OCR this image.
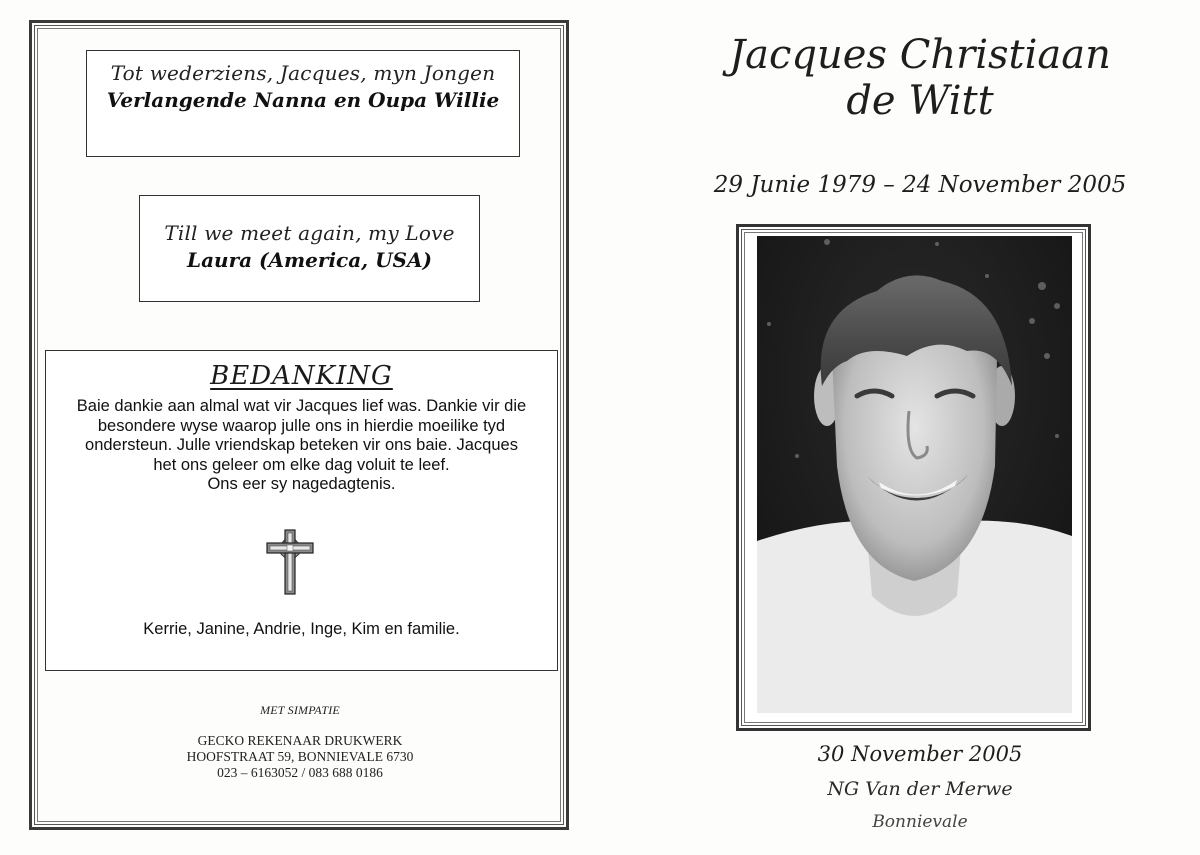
Tot wederziens, Jacques, myn Jongen
Verlangende Nanna en Oupa Willie
Till we meet again, my Love
Laura (America, USA)
BEDANKING
Baie dankie aan almal wat vir Jacques lief was. Dankie vir die
besondere wyse waarop julle ons in hierdie moeilike tyd
ondersteun. Julle vriendskap beteken vir ons baie. Jacques
het ons geleer om elke dag voluit te leef.
Ons eer sy nagedagtenis.
Kerrie, Janine, Andrie, Inge, Kim en familie.
MET SIMPATIE
GECKO REKENAAR DRUKWERK
HOOFSTRAAT 59, BONNIEVALE 6730
023 – 6163052 / 083 688 0186
Jacques Christiaan
de Witt
29 Junie 1979 – 24 November 2005
30 November 2005
NG Van der Merwe
Bonnievale
